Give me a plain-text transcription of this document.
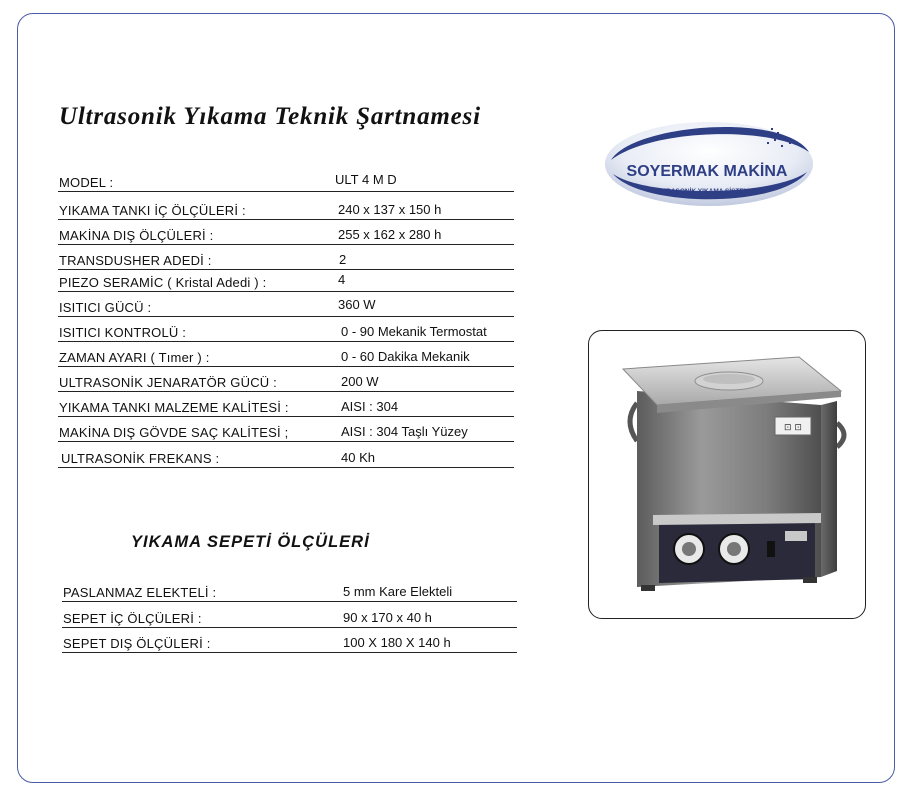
Ultrasonik Yıkama Teknik Şartnamesi
MODEL :	ULT 4 M D
YIKAMA TANKI İÇ ÖLÇÜLERİ :	240 x 137 x 150 h
MAKİNA DIŞ ÖLÇÜLERİ :	255 x 162 x 280 h
TRANSDUSHER ADEDİ :	2
PIEZO SERAMİC ( Kristal Adedi ) :	4
ISITICI GÜCÜ :	360 W
ISITICI KONTROLÜ :	0 - 90 Mekanik Termostat
ZAMAN AYARI ( Tımer ) :	0 - 60 Dakika Mekanik
ULTRASONİK JENARATÖR GÜCÜ :	200 W
YIKAMA TANKI MALZEME KALİTESİ :	AISI : 304
MAKİNA DIŞ GÖVDE SAÇ KALİTESİ ;	AISI : 304 Taşlı Yüzey
ULTRASONİK FREKANS :	40 Kh
YIKAMA SEPETİ ÖLÇÜLERİ
PASLANMAZ ELEKTELİ :	5 mm Kare Elekteli
SEPET İÇ ÖLÇÜLERİ :	90 x 170 x 40 h
SEPET DIŞ ÖLÇÜLERİ :	100 X 180 X 140 h
SOYERMAK MAKİNA
ULTRASONİK YIKAMA SİSTEMLERİ
⊡ ⊡
